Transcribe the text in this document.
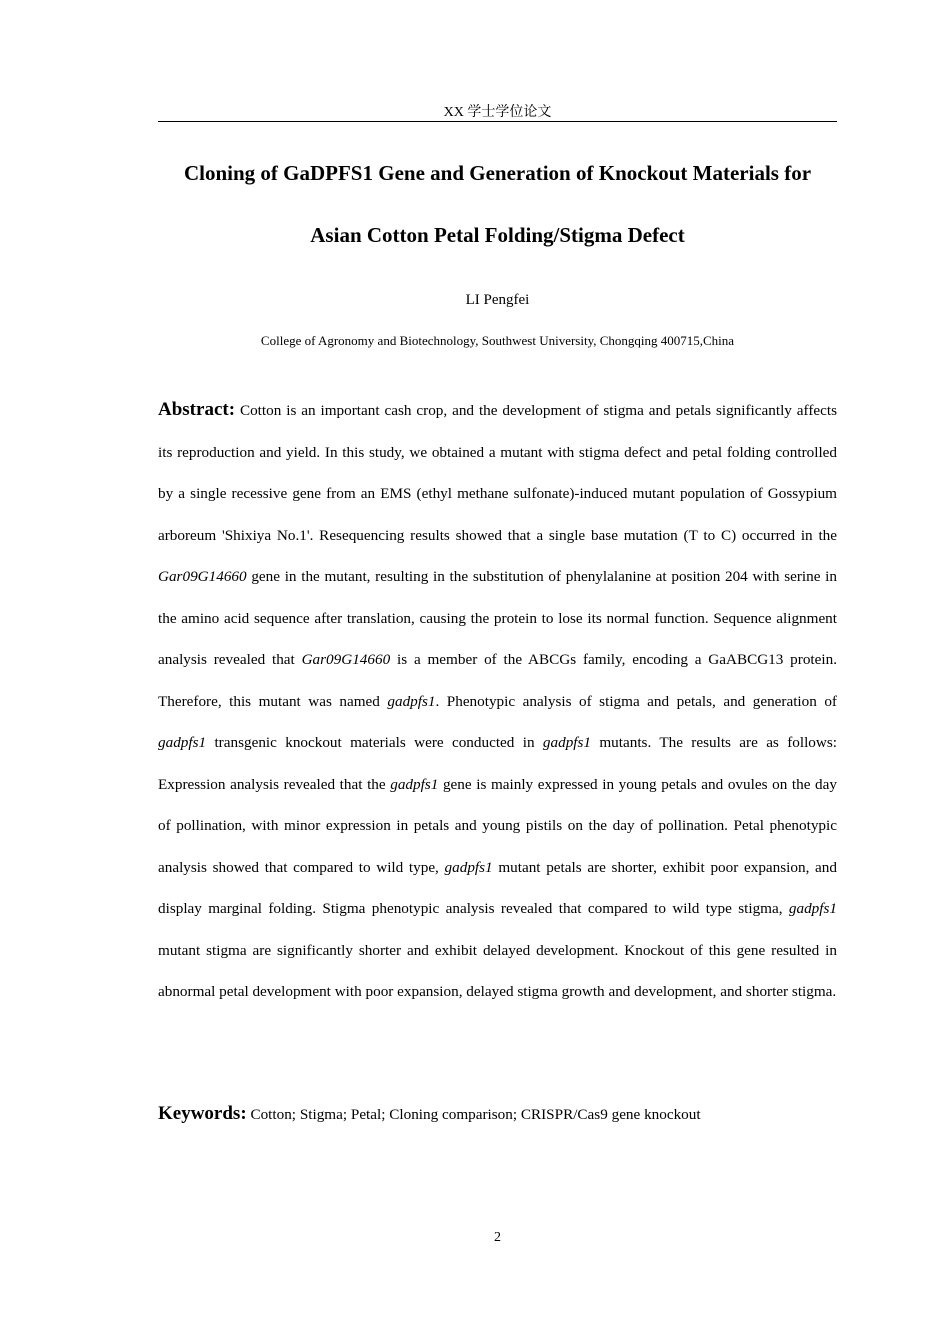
XX 学士学位论文
Cloning of GaDPFS1 Gene and Generation of Knockout Materials for
Asian Cotton Petal Folding/Stigma Defect
LI Pengfei
College of Agronomy and Biotechnology, Southwest University, Chongqing 400715,China

Abstract: Cotton is an important cash crop, and the development of stigma and petals significantly affects its reproduction and yield. In this study, we obtained a mutant with stigma defect and petal folding controlled by a single recessive gene from an EMS (ethyl methane sulfonate)-induced mutant population of Gossypium arboreum 'Shixiya No.1'. Resequencing results showed that a single base mutation (T to C) occurred in the Gar09G14660 gene in the mutant, resulting in the substitution of phenylalanine at position 204 with serine in the amino acid sequence after translation, causing the protein to lose its normal function. Sequence alignment analysis revealed that Gar09G14660 is a member of the ABCGs family, encoding a GaABCG13 protein. Therefore, this mutant was named gadpfs1. Phenotypic analysis of stigma and petals, and generation of gadpfs1 transgenic knockout materials were conducted in gadpfs1 mutants. The results are as follows: Expression analysis revealed that the gadpfs1 gene is mainly expressed in young petals and ovules on the day of pollination, with minor expression in petals and young pistils on the day of pollination. Petal phenotypic analysis showed that compared to wild type, gadpfs1 mutant petals are shorter, exhibit poor expansion, and display marginal folding. Stigma phenotypic analysis revealed that compared to wild type stigma, gadpfs1 mutant stigma are significantly shorter and exhibit delayed development. Knockout of this gene resulted in abnormal petal development with poor expansion, delayed stigma growth and development, and shorter stigma.

Keywords: Cotton; Stigma; Petal; Cloning comparison; CRISPR/Cas9 gene knockout

2
